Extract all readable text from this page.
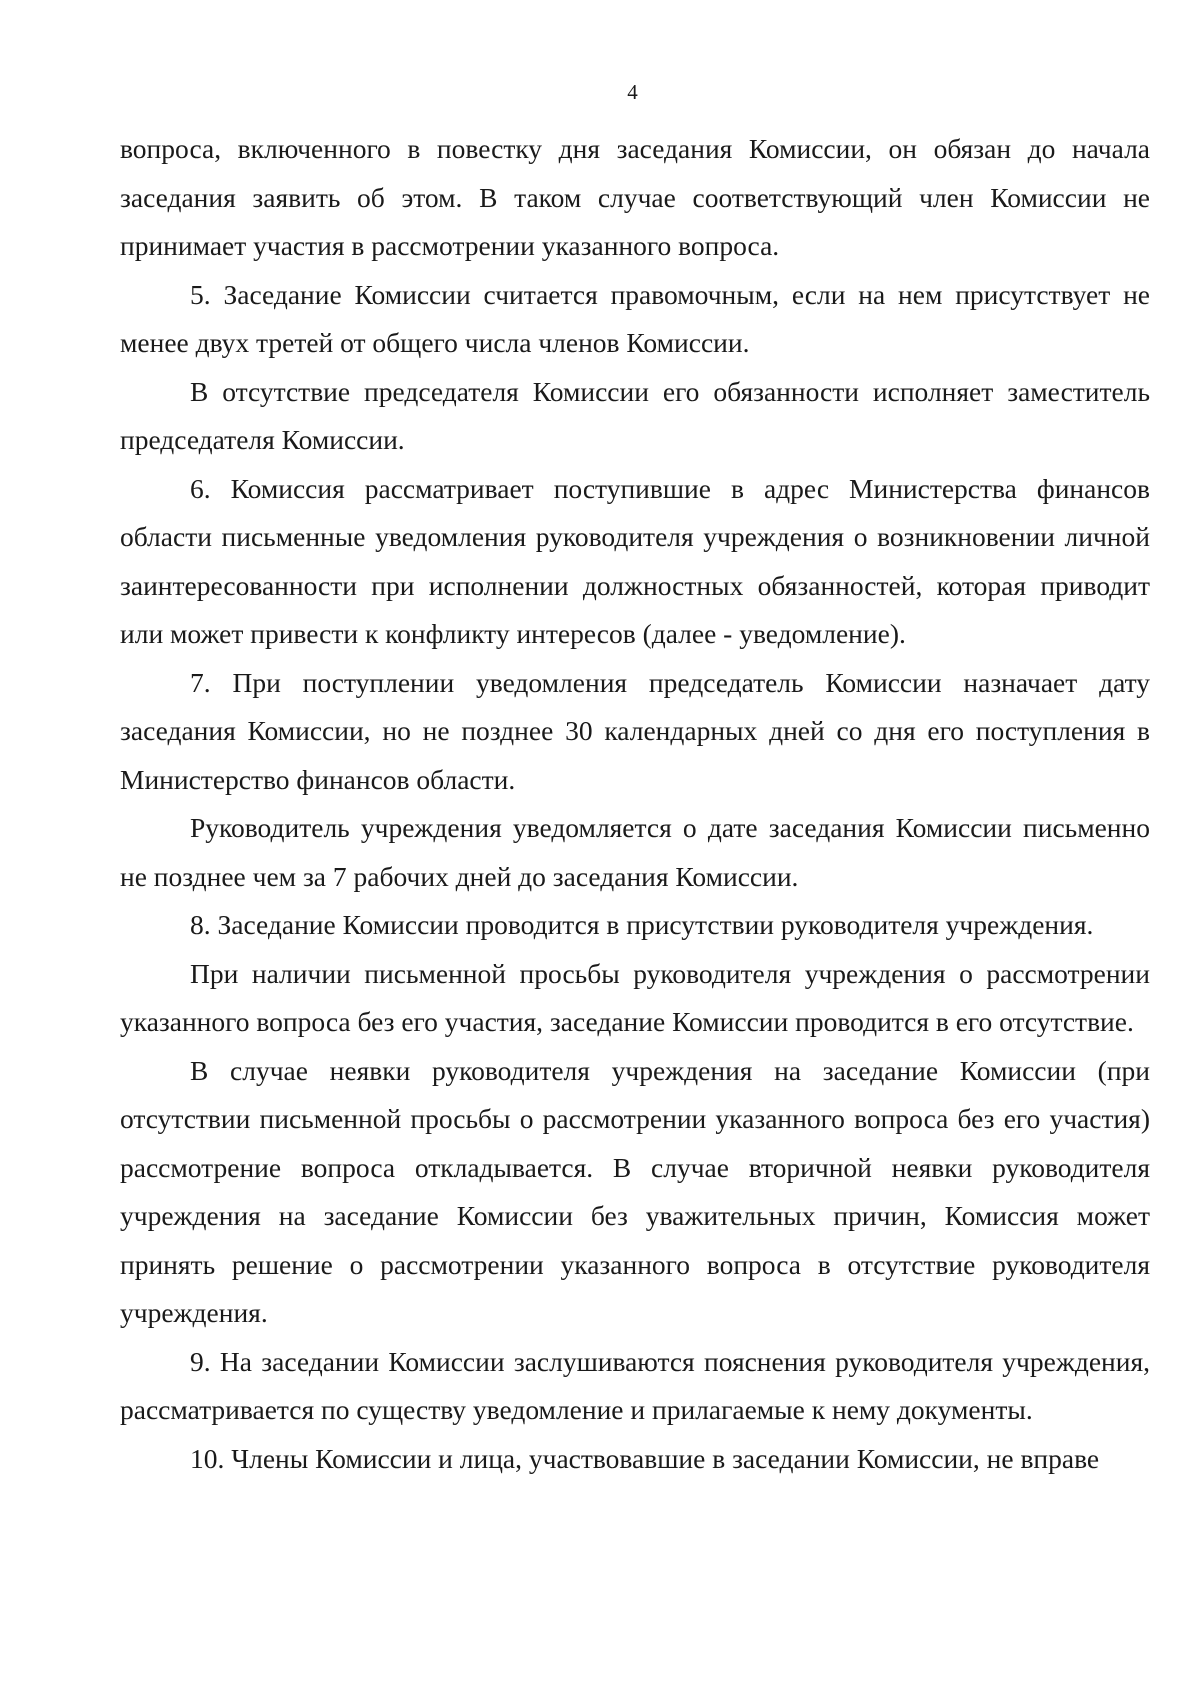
4

вопроса, включенного в повестку дня заседания Комиссии, он обязан до начала заседания заявить об этом. В таком случае соответствующий член Комиссии не принимает участия в рассмотрении указанного вопроса.

5. Заседание Комиссии считается правомочным, если на нем присутствует не менее двух третей от общего числа членов Комиссии.

В отсутствие председателя Комиссии его обязанности исполняет заместитель председателя Комиссии.

6. Комиссия рассматривает поступившие в адрес Министерства финансов области письменные уведомления руководителя учреждения о возникновении личной заинтересованности при исполнении должностных обязанностей, которая приводит или может привести к конфликту интересов (далее - уведомление).

7. При поступлении уведомления председатель Комиссии назначает дату заседания Комиссии, но не позднее 30 календарных дней со дня его поступления в Министерство финансов области.

Руководитель учреждения уведомляется о дате заседания Комиссии письменно не позднее чем за 7 рабочих дней до заседания Комиссии.

8. Заседание Комиссии проводится в присутствии руководителя учреждения.

При наличии письменной просьбы руководителя учреждения о рассмотрении указанного вопроса без его участия, заседание Комиссии проводится в его отсутствие.

В случае неявки руководителя учреждения на заседание Комиссии (при отсутствии письменной просьбы о рассмотрении указанного вопроса без его участия) рассмотрение вопроса откладывается. В случае вторичной неявки руководителя учреждения на заседание Комиссии без уважительных причин, Комиссия может принять решение о рассмотрении указанного вопроса в отсутствие руководителя учреждения.

9. На заседании Комиссии заслушиваются пояснения руководителя учреждения, рассматривается по существу уведомление и прилагаемые к нему документы.

10. Члены Комиссии и лица, участвовавшие в заседании Комиссии, не вправе
